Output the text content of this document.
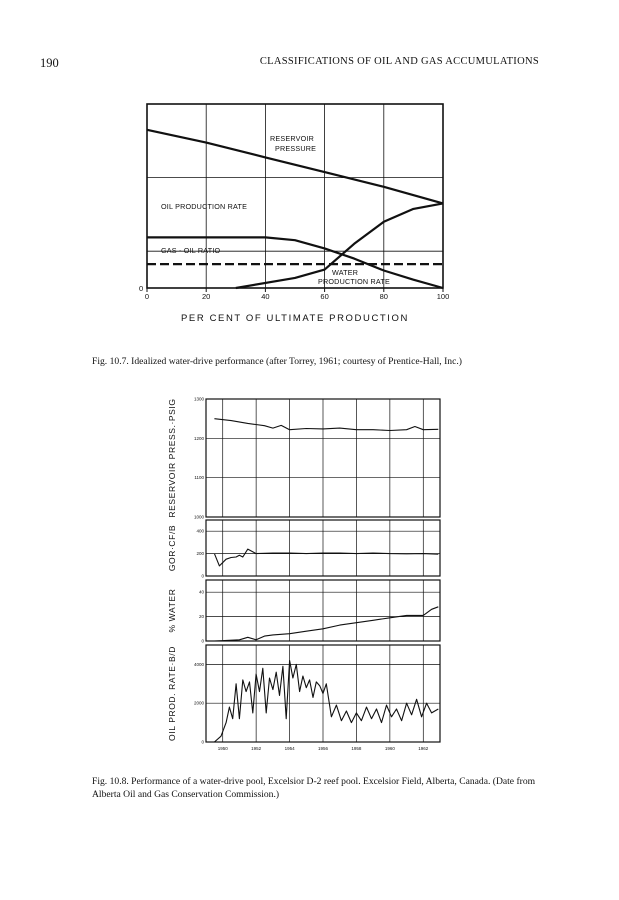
190	CLASSIFICATIONS OF OIL AND GAS ACCUMULATIONS
0	20	40	60	80	100
RESERVOIR
PRESSURE
OIL PRODUCTION RATE
GAS - OIL RATIO
WATER
PRODUCTION RATE
0
PER CENT OF ULTIMATE PRODUCTION
Fig. 10.7. Idealized water-drive performance (after Torrey, 1961; courtesy of Prentice-Hall, Inc.)
1300
1200
1100
1000
RESERVOIR PRESS.·PSIG
400
200
0
GOR·CF/B
40
20
0
% WATER
4000
2000
0
OIL PROD. RATE·B/D
1950	1952	1954	1956	1958	1960	1962
Fig. 10.8. Performance of a water-drive pool, Excelsior D-2 reef pool. Excelsior Field, Alberta, Canada. (Date from Alberta Oil and Gas Conservation Commission.)
